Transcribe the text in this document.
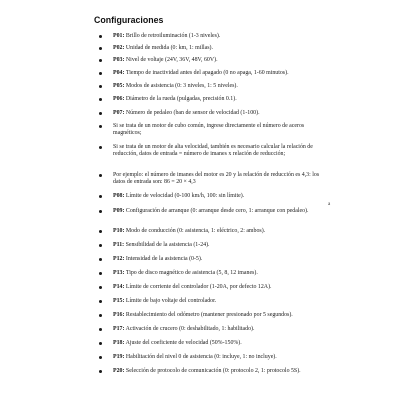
Configuraciones
P01: Brillo de retroiluminación (1-3 niveles).
P02: Unidad de medida (0: km, 1: millas).
P03: Nivel de voltaje (24V, 36V, 48V, 60V).
P04: Tiempo de inactividad antes del apagado (0 no apaga, 1-60 minutos).
P05: Modos de asistencia (0: 3 niveles, 1: 5 niveles).
P06: Diámetro de la rueda (pulgadas, precisión 0.1).
P07: Número de pedaleo (ban de sensor de velocidad (1-100).
Si se trata de un motor de cubo común, ingrese directamente el número de aceros magnéticos;
Si se trata de un motor de alta velocidad, también es necesario calcular la relación de reducción, datos de entrada = número de imanes x relación de reducción;
Por ejemplo: el número de imanes del motor es 20 y la relación de reducción es 4,3: los datos de entrada son: 86 = 20 × 4,3
P08: Límite de velocidad (0-100 km/h, 100: sin límite).
P09: Configuración de arranque (0: arranque desde cero, 1: arranque con pedaleo).
P10: Modo de conducción (0: asistencia, 1: eléctrico, 2: ambos).
P11: Sensibilidad de la asistencia (1-24).
P12: Intensidad de la asistencia (0-5).
P13: Tipo de disco magnético de asistencia (5, 8, 12 imanes).
P14: Límite de corriente del controlador (1-20A, por defecto 12A).
P15: Límite de bajo voltaje del controlador.
P16: Restablecimiento del odómetro (mantener presionado por 5 segundos).
P17: Activación de crucero (0: deshabilitado, 1: habilitado).
P18: Ajuste del coeficiente de velocidad (50%-150%).
P19: Habilitación del nivel 0 de asistencia (0: incluye, 1: no incluye).
P20: Selección de protocolo de comunicación (0: protocolo 2, 1: protocolo 5S).
a
